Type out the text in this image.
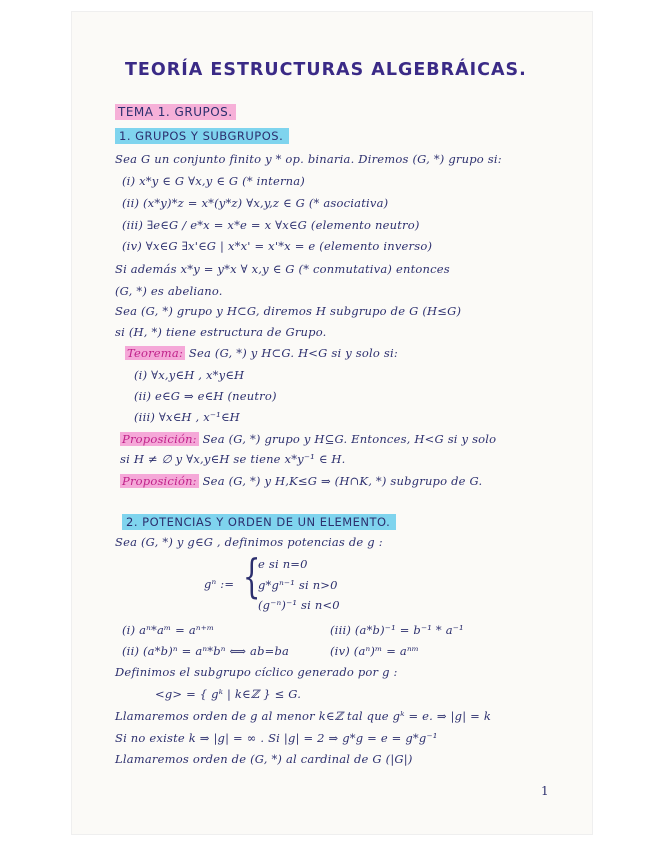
TEORÍA ESTRUCTURAS ALGEBRÁICAS.
TEMA 1. GRUPOS.
1. GRUPOS Y SUBGRUPOS.
Sea G un conjunto finito y * op. binaria. Diremos (G, *) grupo si:
(i) x*y ∈ G ∀x,y ∈ G (* interna)
(ii) (x*y)*z = x*(y*z) ∀x,y,z ∈ G (* asociativa)
(iii) ∃e∈G / e*x = x*e = x ∀x∈G (elemento neutro)
(iv) ∀x∈G ∃x'∈G | x*x' = x'*x = e (elemento inverso)
Si además x*y = y*x ∀ x,y ∈ G (* conmutativa) entonces
(G, *) es abeliano.
Sea (G, *) grupo y H⊂G, diremos H subgrupo de G (H≤G)
si (H, *) tiene estructura de Grupo.
Teorema: Sea (G, *) y H⊂G. H<G si y solo si:
(i) ∀x,y∈H , x*y∈H
(ii) e∈G ⇒ e∈H (neutro)
(iii) ∀x∈H , x⁻¹∈H
Proposición: Sea (G, *) grupo y H⊆G. Entonces, H<G si y solo
si H ≠ ∅ y ∀x,y∈H se tiene x*y⁻¹ ∈ H.
Proposición: Sea (G, *) y H,K≤G ⇒ (H∩K, *) subgrupo de G.
2. POTENCIAS Y ORDEN DE UN ELEMENTO.
Sea (G, *) y g∈G , definimos potencias de g :
gⁿ := {
e si n=0
g*gⁿ⁻¹ si n>0
(g⁻ⁿ)⁻¹ si n<0
(i) aⁿ*aᵐ = aⁿ⁺ᵐ	(iii) (a*b)⁻¹ = b⁻¹ * a⁻¹
(ii) (a*b)ⁿ = aⁿ*bⁿ ⟺ ab=ba	(iv) (aⁿ)ᵐ = aⁿᵐ
Definimos el subgrupo cíclico generado por g :
<g> = { gᵏ | k∈ℤ } ≤ G.
Llamaremos orden de g al menor k∈ℤ tal que gᵏ = e. ⇒ |g| = k
Si no existe k ⇒ |g| = ∞ . Si |g| = 2 ⇒ g*g = e = g*g⁻¹
Llamaremos orden de (G, *) al cardinal de G (|G|)
1
